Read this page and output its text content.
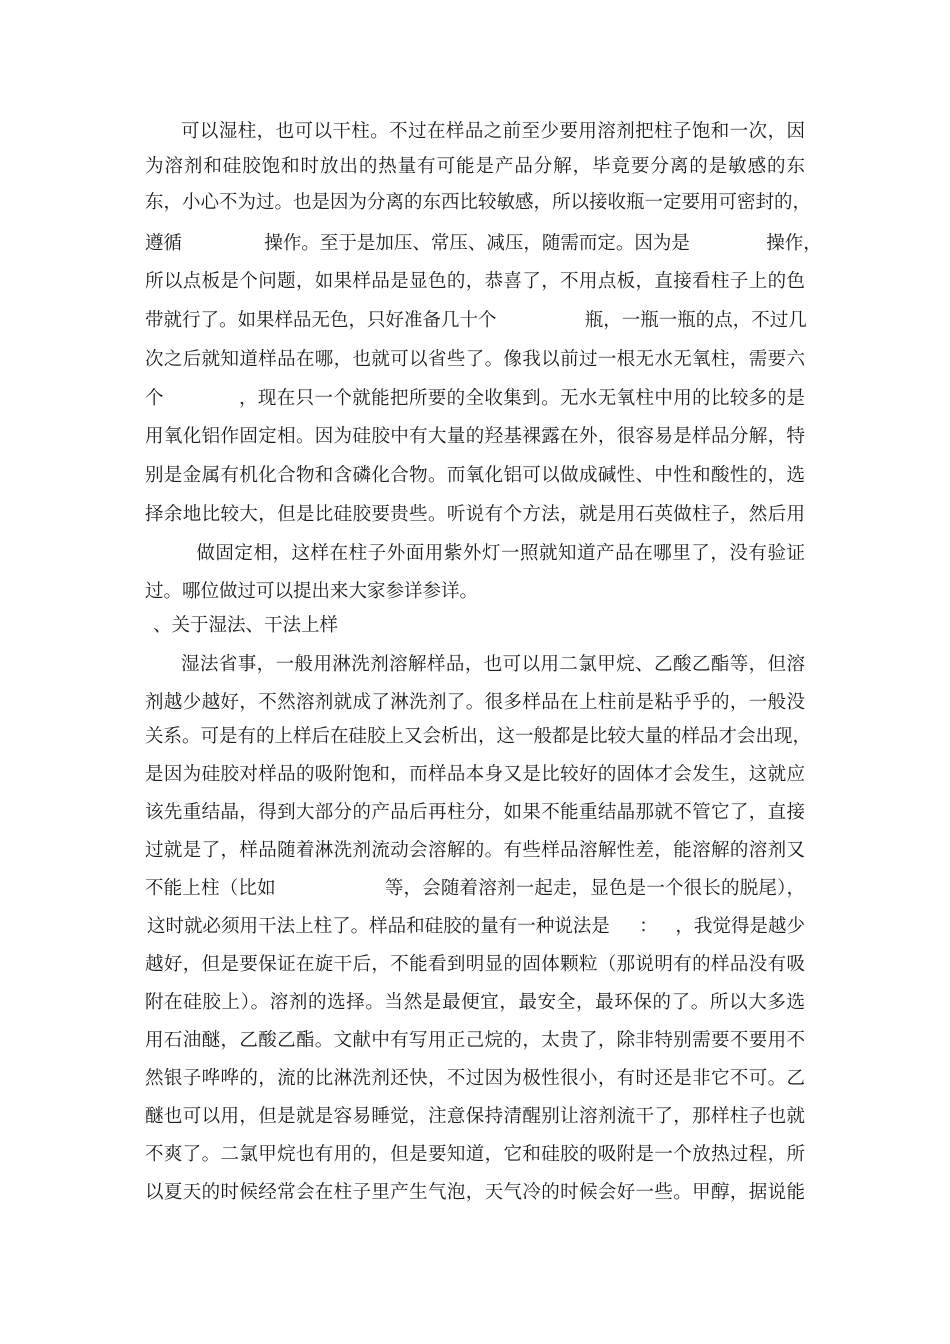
可以湿柱，也可以干柱。不过在样品之前至少要用溶剂把柱子饱和一次，因
为溶剂和硅胶饱和时放出的热量有可能是产品分解，毕竟要分离的是敏感的东
东，小心不为过。也是因为分离的东西比较敏感，所以接收瓶一定要用可密封的，
遵循              操作。至于是加压、常压、减压，随需而定。因为是             操作，
所以点板是个问题，如果样品是显色的，恭喜了，不用点板，直接看柱子上的色
带就行了。如果样品无色，只好准备几十个               瓶，一瓶一瓶的点，不过几
次之后就知道样品在哪，也就可以省些了。像我以前过一根无水无氧柱，需要六
个            ，现在只一个就能把所要的全收集到。无水无氧柱中用的比较多的是
用氧化铝作固定相。因为硅胶中有大量的羟基裸露在外，很容易是样品分解，特
别是金属有机化合物和含磷化合物。而氧化铝可以做成碱性、中性和酸性的，选
择余地比较大，但是比硅胶要贵些。听说有个方法，就是用石英做柱子，然后用
做固定相，这样在柱子外面用紫外灯一照就知道产品在哪里了，没有验证
过。哪位做过可以提出来大家参详参详。
、关于湿法、干法上样
湿法省事，一般用淋洗剂溶解样品，也可以用二氯甲烷、乙酸乙酯等，但溶
剂越少越好，不然溶剂就成了淋洗剂了。很多样品在上柱前是粘乎乎的，一般没
关系。可是有的上样后在硅胶上又会析出，这一般都是比较大量的样品才会出现，
是因为硅胶对样品的吸附饱和，而样品本身又是比较好的固体才会发生，这就应
该先重结晶，得到大部分的产品后再柱分，如果不能重结晶那就不管它了，直接
过就是了，样品随着淋洗剂流动会溶解的。有些样品溶解性差，能溶解的溶剂又
不能上柱（比如                  等，会随着溶剂一起走，显色是一个很长的脱尾），
这时就必须用干法上柱了。样品和硅胶的量有一种说法是     ：   ，我觉得是越少
越好，但是要保证在旋干后，不能看到明显的固体颗粒（那说明有的样品没有吸
附在硅胶上）。溶剂的选择。当然是最便宜，最安全，最环保的了。所以大多选
用石油醚，乙酸乙酯。文献中有写用正己烷的，太贵了，除非特别需要不要用不
然银子哗哗的，流的比淋洗剂还快，不过因为极性很小，有时还是非它不可。乙
醚也可以用，但是就是容易睡觉，注意保持清醒别让溶剂流干了，那样柱子也就
不爽了。二氯甲烷也有用的，但是要知道，它和硅胶的吸附是一个放热过程，所
以夏天的时候经常会在柱子里产生气泡，天气冷的时候会好一些。甲醇，据说能
